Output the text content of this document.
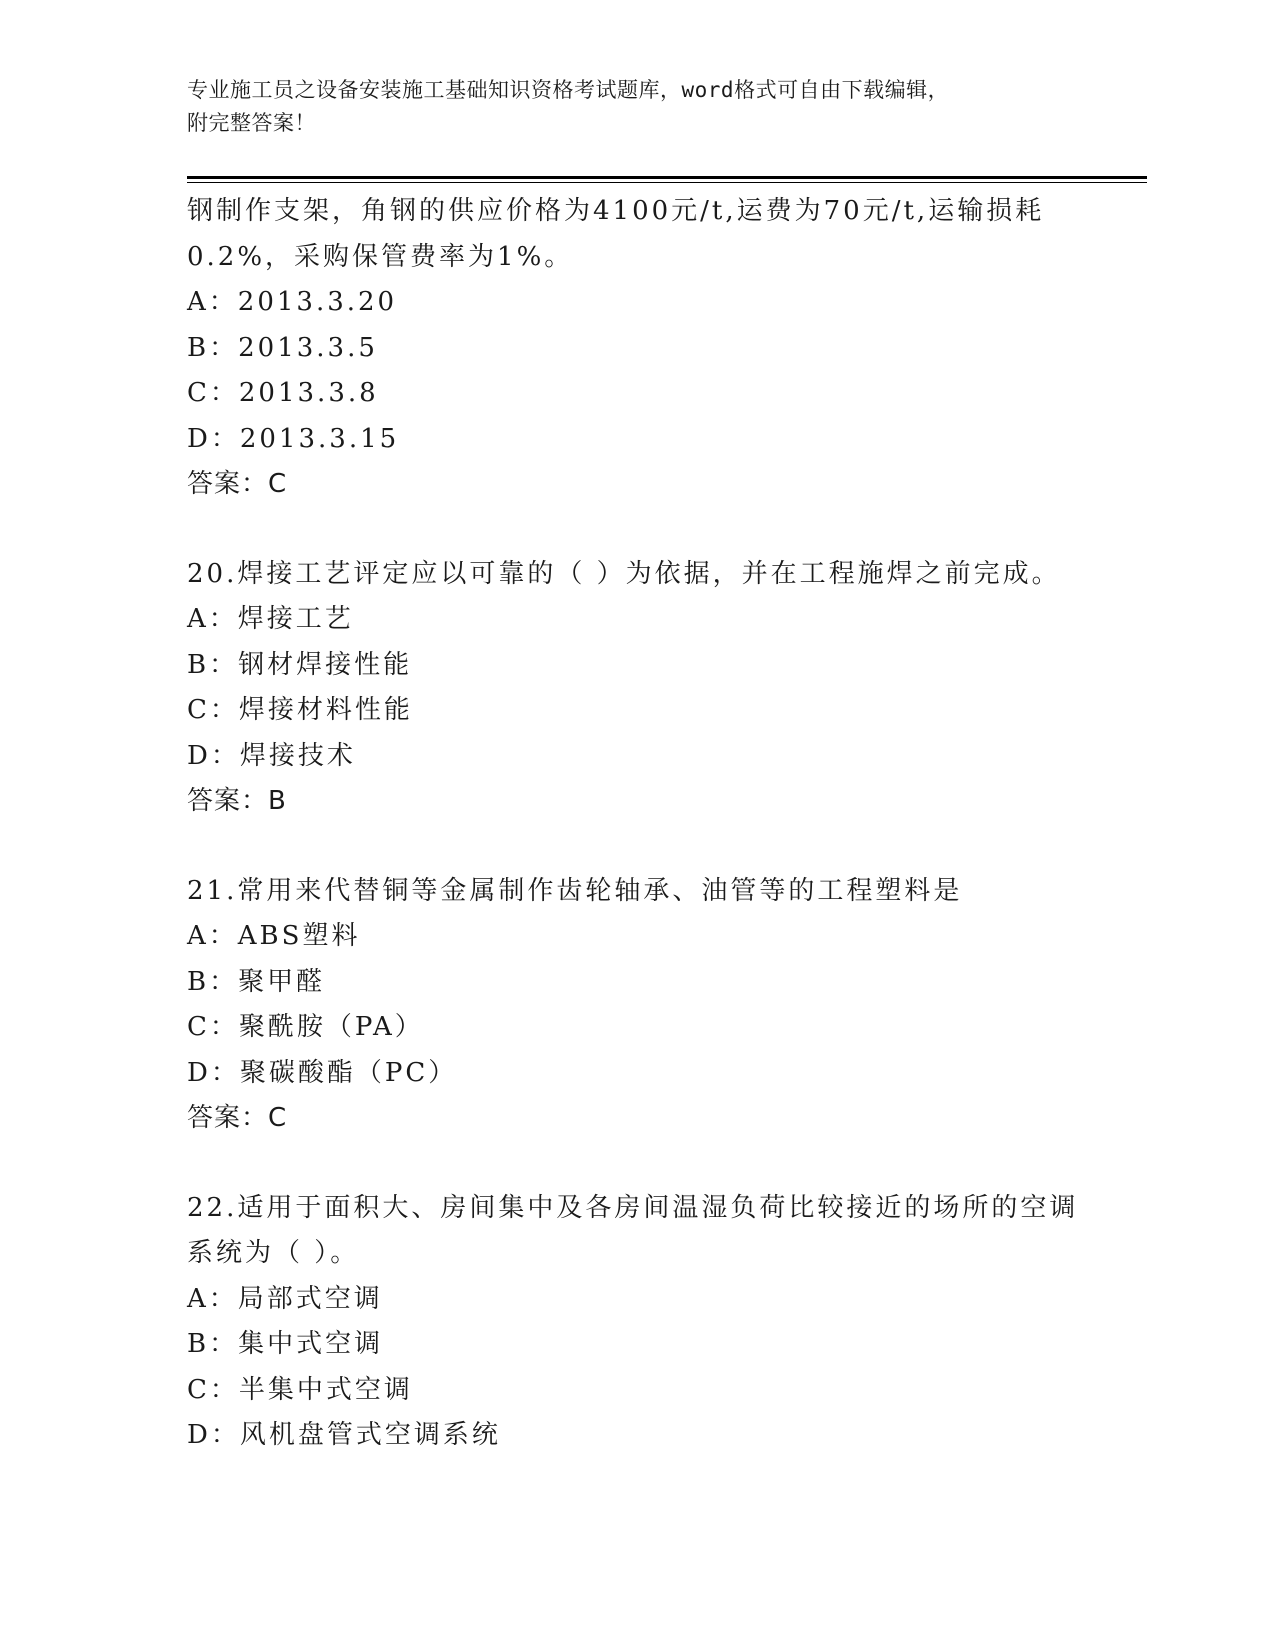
专业施工员之设备安装施工基础知识资格考试题库，word格式可自由下载编辑，
附完整答案！
钢制作支架，角钢的供应价格为4100元/t,运费为70元/t,运输损耗
0.2%，采购保管费率为1%。
A：2013.3.20
B：2013.3.5
C：2013.3.8
D：2013.3.15
答案：C
20.焊接工艺评定应以可靠的（ ）为依据，并在工程施焊之前完成。
A：焊接工艺
B：钢材焊接性能
C：焊接材料性能
D：焊接技术
答案：B
21.常用来代替铜等金属制作齿轮轴承、油管等的工程塑料是
A：ABS塑料
B：聚甲醛
C：聚酰胺（PA）
D：聚碳酸酯（PC）
答案：C
22.适用于面积大、房间集中及各房间温湿负荷比较接近的场所的空调
系统为（ ）。
A：局部式空调
B：集中式空调
C：半集中式空调
D：风机盘管式空调系统
